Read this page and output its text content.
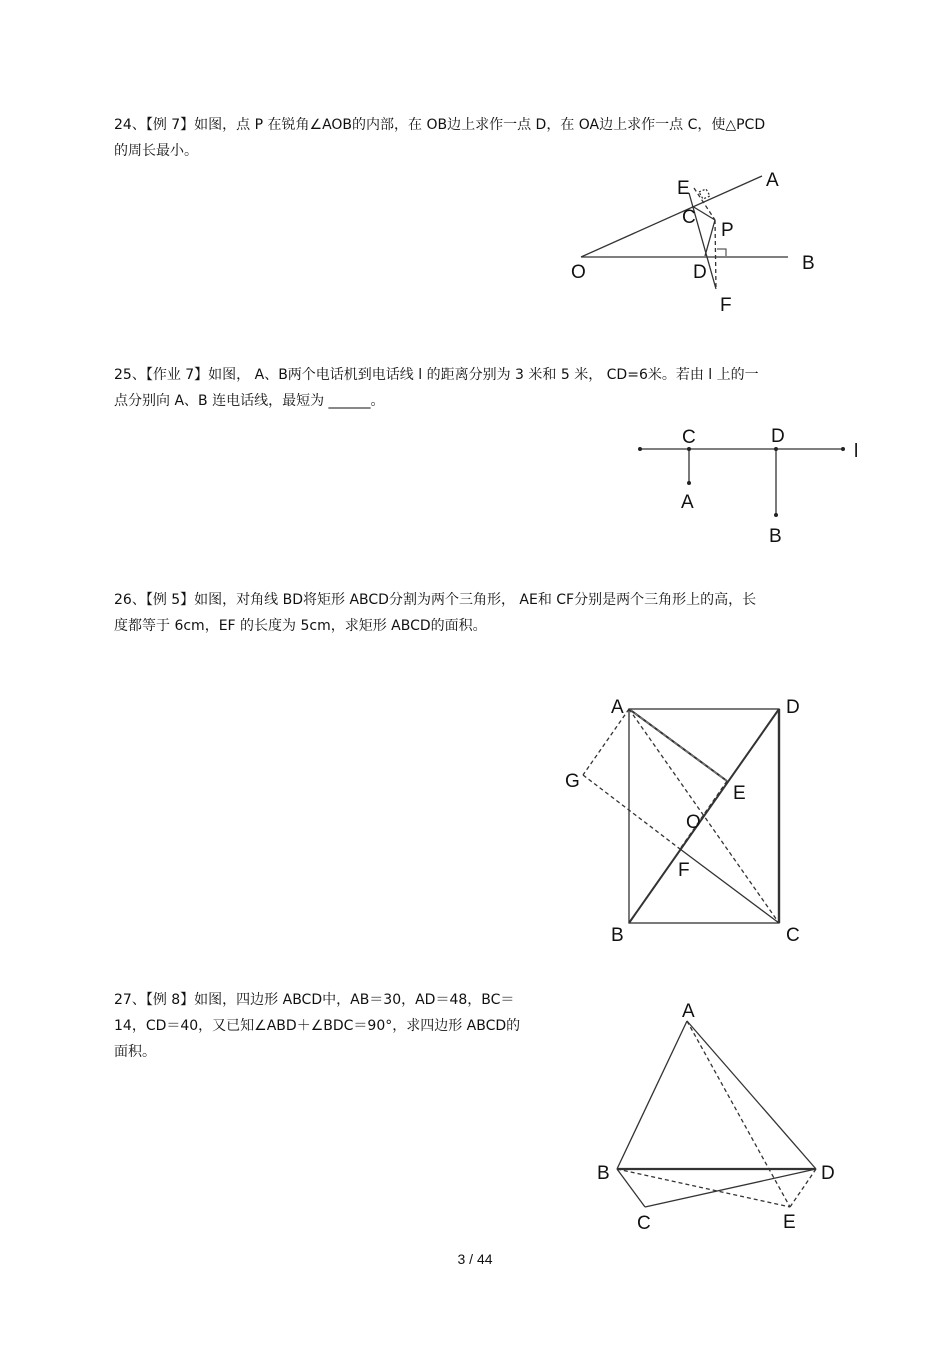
24、【例 7】如图，点 P 在锐角∠AOB的内部，在 OB边上求作一点 D，在 OA边上求作一点 C，使△PCD
的周长最小。
25、【作业 7】如图， A、B两个电话机到电话线 l 的距离分别为 3 米和 5 米， CD=6米。若由 l 上的一
点分别向 A、B 连电话线，最短为 ______。
26、【例 5】如图，对角线 BD将矩形 ABCD分割为两个三角形， AE和 CF分别是两个三角形上的高，长
度都等于 6cm，EF 的长度为 5cm，求矩形 ABCD的面积。
27、【例 8】如图，四边形 ABCD中，AB＝30，AD＝48，BC＝
14，CD＝40，又已知∠ABD＋∠BDC＝90°，求四边形 ABCD的
面积。
A
E
C
P
O	D	B
F
C	D
l
A
B
A	D
G
E
O
F
B	C
A
B	D
C	E
3 / 44
